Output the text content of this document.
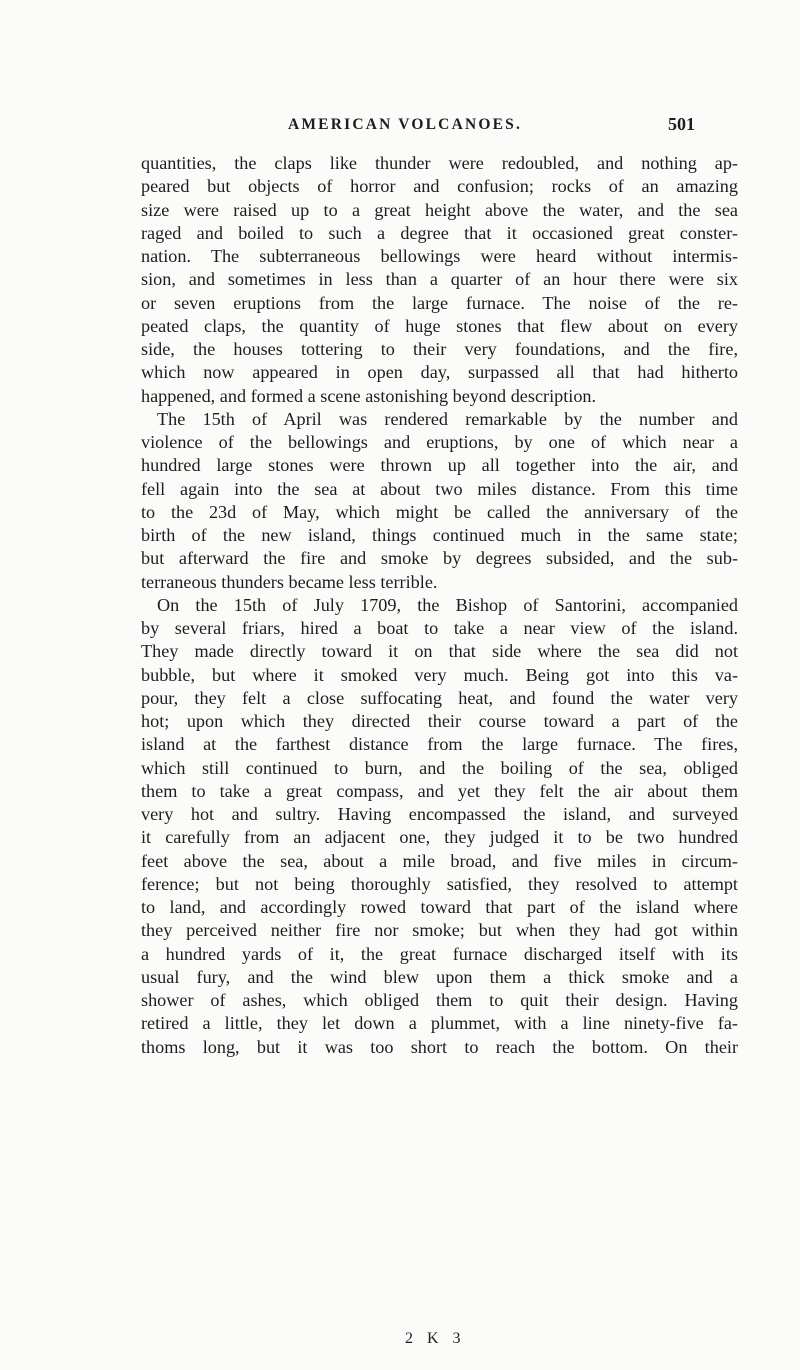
AMERICAN VOLCANOES.	501
quantities, the claps like thunder were redoubled, and nothing ap-
peared but objects of horror and confusion; rocks of an amazing
size were raised up to a great height above the water, and the sea
raged and boiled to such a degree that it occasioned great conster-
nation. The subterraneous bellowings were heard without intermis-
sion, and sometimes in less than a quarter of an hour there were six
or seven eruptions from the large furnace. The noise of the re-
peated claps, the quantity of huge stones that flew about on every
side, the houses tottering to their very foundations, and the fire,
which now appeared in open day, surpassed all that had hitherto
happened, and formed a scene astonishing beyond description.
The 15th of April was rendered remarkable by the number and
violence of the bellowings and eruptions, by one of which near a
hundred large stones were thrown up all together into the air, and
fell again into the sea at about two miles distance. From this time
to the 23d of May, which might be called the anniversary of the
birth of the new island, things continued much in the same state;
but afterward the fire and smoke by degrees subsided, and the sub-
terraneous thunders became less terrible.
On the 15th of July 1709, the Bishop of Santorini, accompanied
by several friars, hired a boat to take a near view of the island.
They made directly toward it on that side where the sea did not
bubble, but where it smoked very much. Being got into this va-
pour, they felt a close suffocating heat, and found the water very
hot; upon which they directed their course toward a part of the
island at the farthest distance from the large furnace. The fires,
which still continued to burn, and the boiling of the sea, obliged
them to take a great compass, and yet they felt the air about them
very hot and sultry. Having encompassed the island, and surveyed
it carefully from an adjacent one, they judged it to be two hundred
feet above the sea, about a mile broad, and five miles in circum-
ference; but not being thoroughly satisfied, they resolved to attempt
to land, and accordingly rowed toward that part of the island where
they perceived neither fire nor smoke; but when they had got within
a hundred yards of it, the great furnace discharged itself with its
usual fury, and the wind blew upon them a thick smoke and a
shower of ashes, which obliged them to quit their design. Having
retired a little, they let down a plummet, with a line ninety-five fa-
thoms long, but it was too short to reach the bottom. On their
2 K 3
